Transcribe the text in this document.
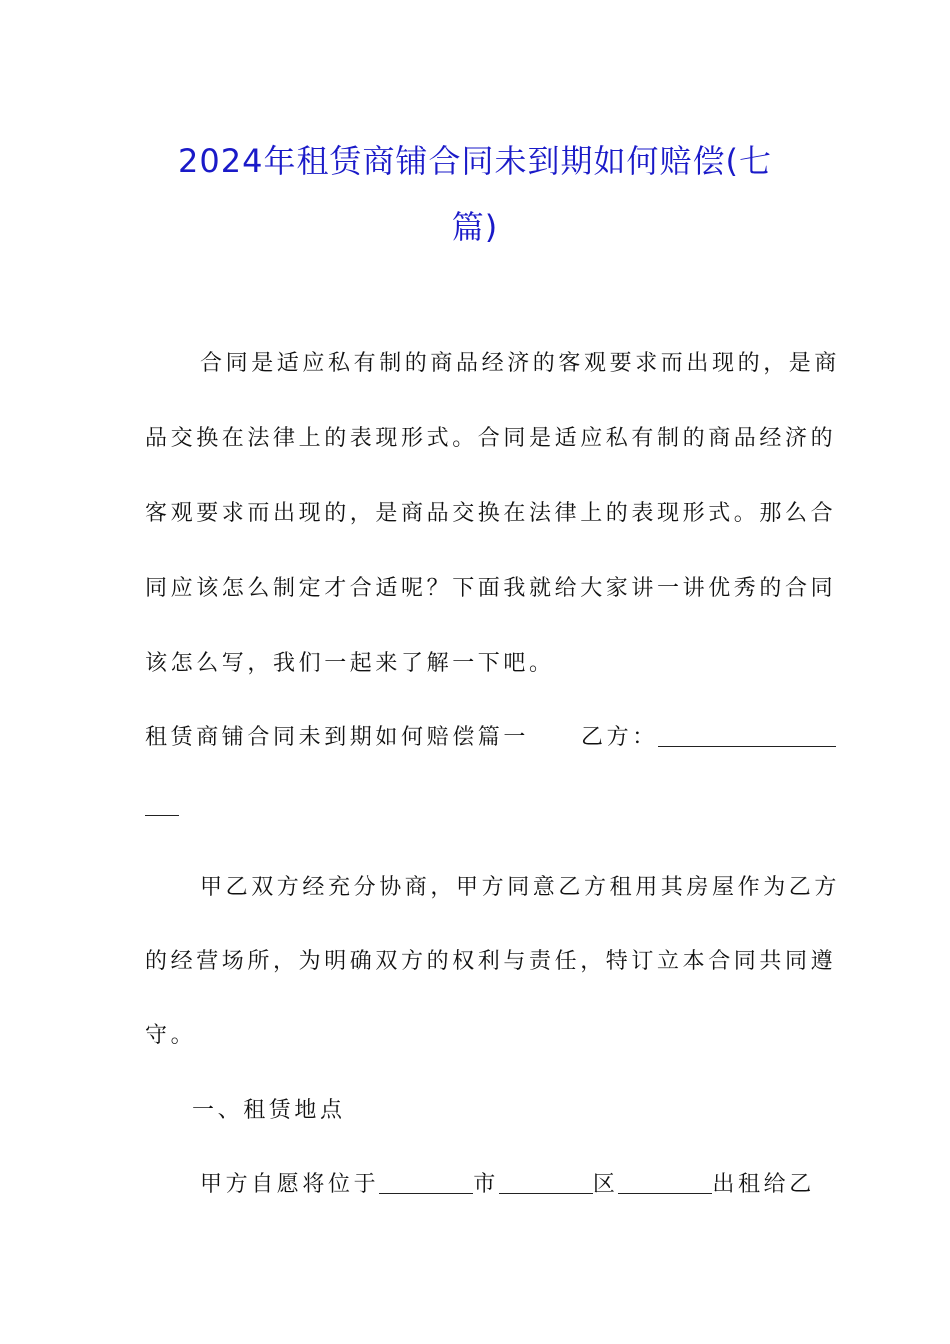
2024年租赁商铺合同未到期如何赔偿(七
篇)
合同是适应私有制的商品经济的客观要求而出现的，是商
品交换在法律上的表现形式。合同是适应私有制的商品经济的
客观要求而出现的，是商品交换在法律上的表现形式。那么合
同应该怎么制定才合适呢？下面我就给大家讲一讲优秀的合同
该怎么写，我们一起来了解一下吧。
租赁商铺合同未到期如何赔偿篇一 乙方：
甲乙双方经充分协商，甲方同意乙方租用其房屋作为乙方
的经营场所，为明确双方的权利与责任，特订立本合同共同遵
守。
一、租赁地点
甲方自愿将位于	市	区	出租给乙
